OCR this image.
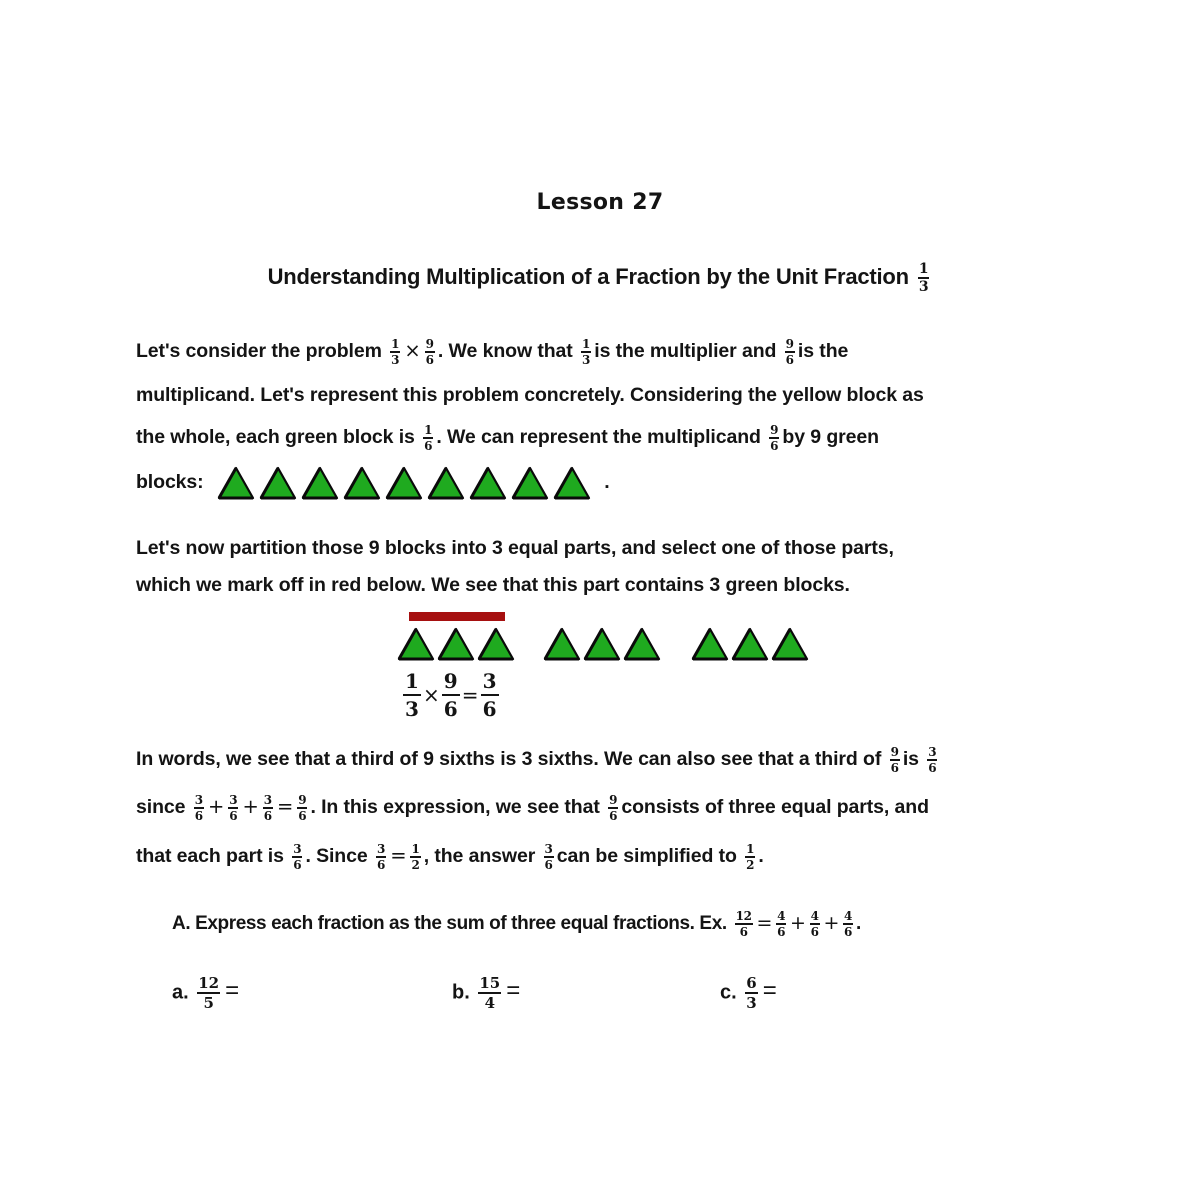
Lesson 27
Understanding Multiplication of a Fraction by the Unit Fraction $\frac{1}{3}$
Let's consider the problem $\frac{1}{3} \times \frac{9}{6}$ . We know that $\frac{1}{3}$ is the multiplier and $\frac{9}{6}$ is the
multiplicand. Let's represent this problem concretely. Considering the yellow block as
the whole, each green block is $\frac{1}{6}$ . We can represent the multiplicand $\frac{9}{6}$ by 9 green
blocks:	.
Let's now partition those 9 blocks into 3 equal parts, and select one of those parts,
which we mark off in red below. We see that this part contains 3 green blocks.
1
3
×
9
6
=
3
6
In words, we see that a third of 9 sixths is 3 sixths. We can also see that a third of $\frac{9}{6}$ is $\frac{3}{6}$
since $\frac{3}{6} + \frac{3}{6} + \frac{3}{6} = \frac{9}{6}$ . In this expression, we see that $\frac{9}{6}$ consists of three equal parts, and
that each part is $\frac{3}{6}$ . Since $\frac{3}{6} = \frac{1}{2}$ , the answer $\frac{3}{6}$ can be simplified to $\frac{1}{2}$ .
A. Express each fraction as the sum of three equal fractions. Ex. $\frac{12}{6} = \frac{4}{6} + \frac{4}{6} + \frac{4}{6}$ .
a. $\frac{12}{5}$ =	b. $\frac{15}{4}$ =	c. $\frac{6}{3}$ =
